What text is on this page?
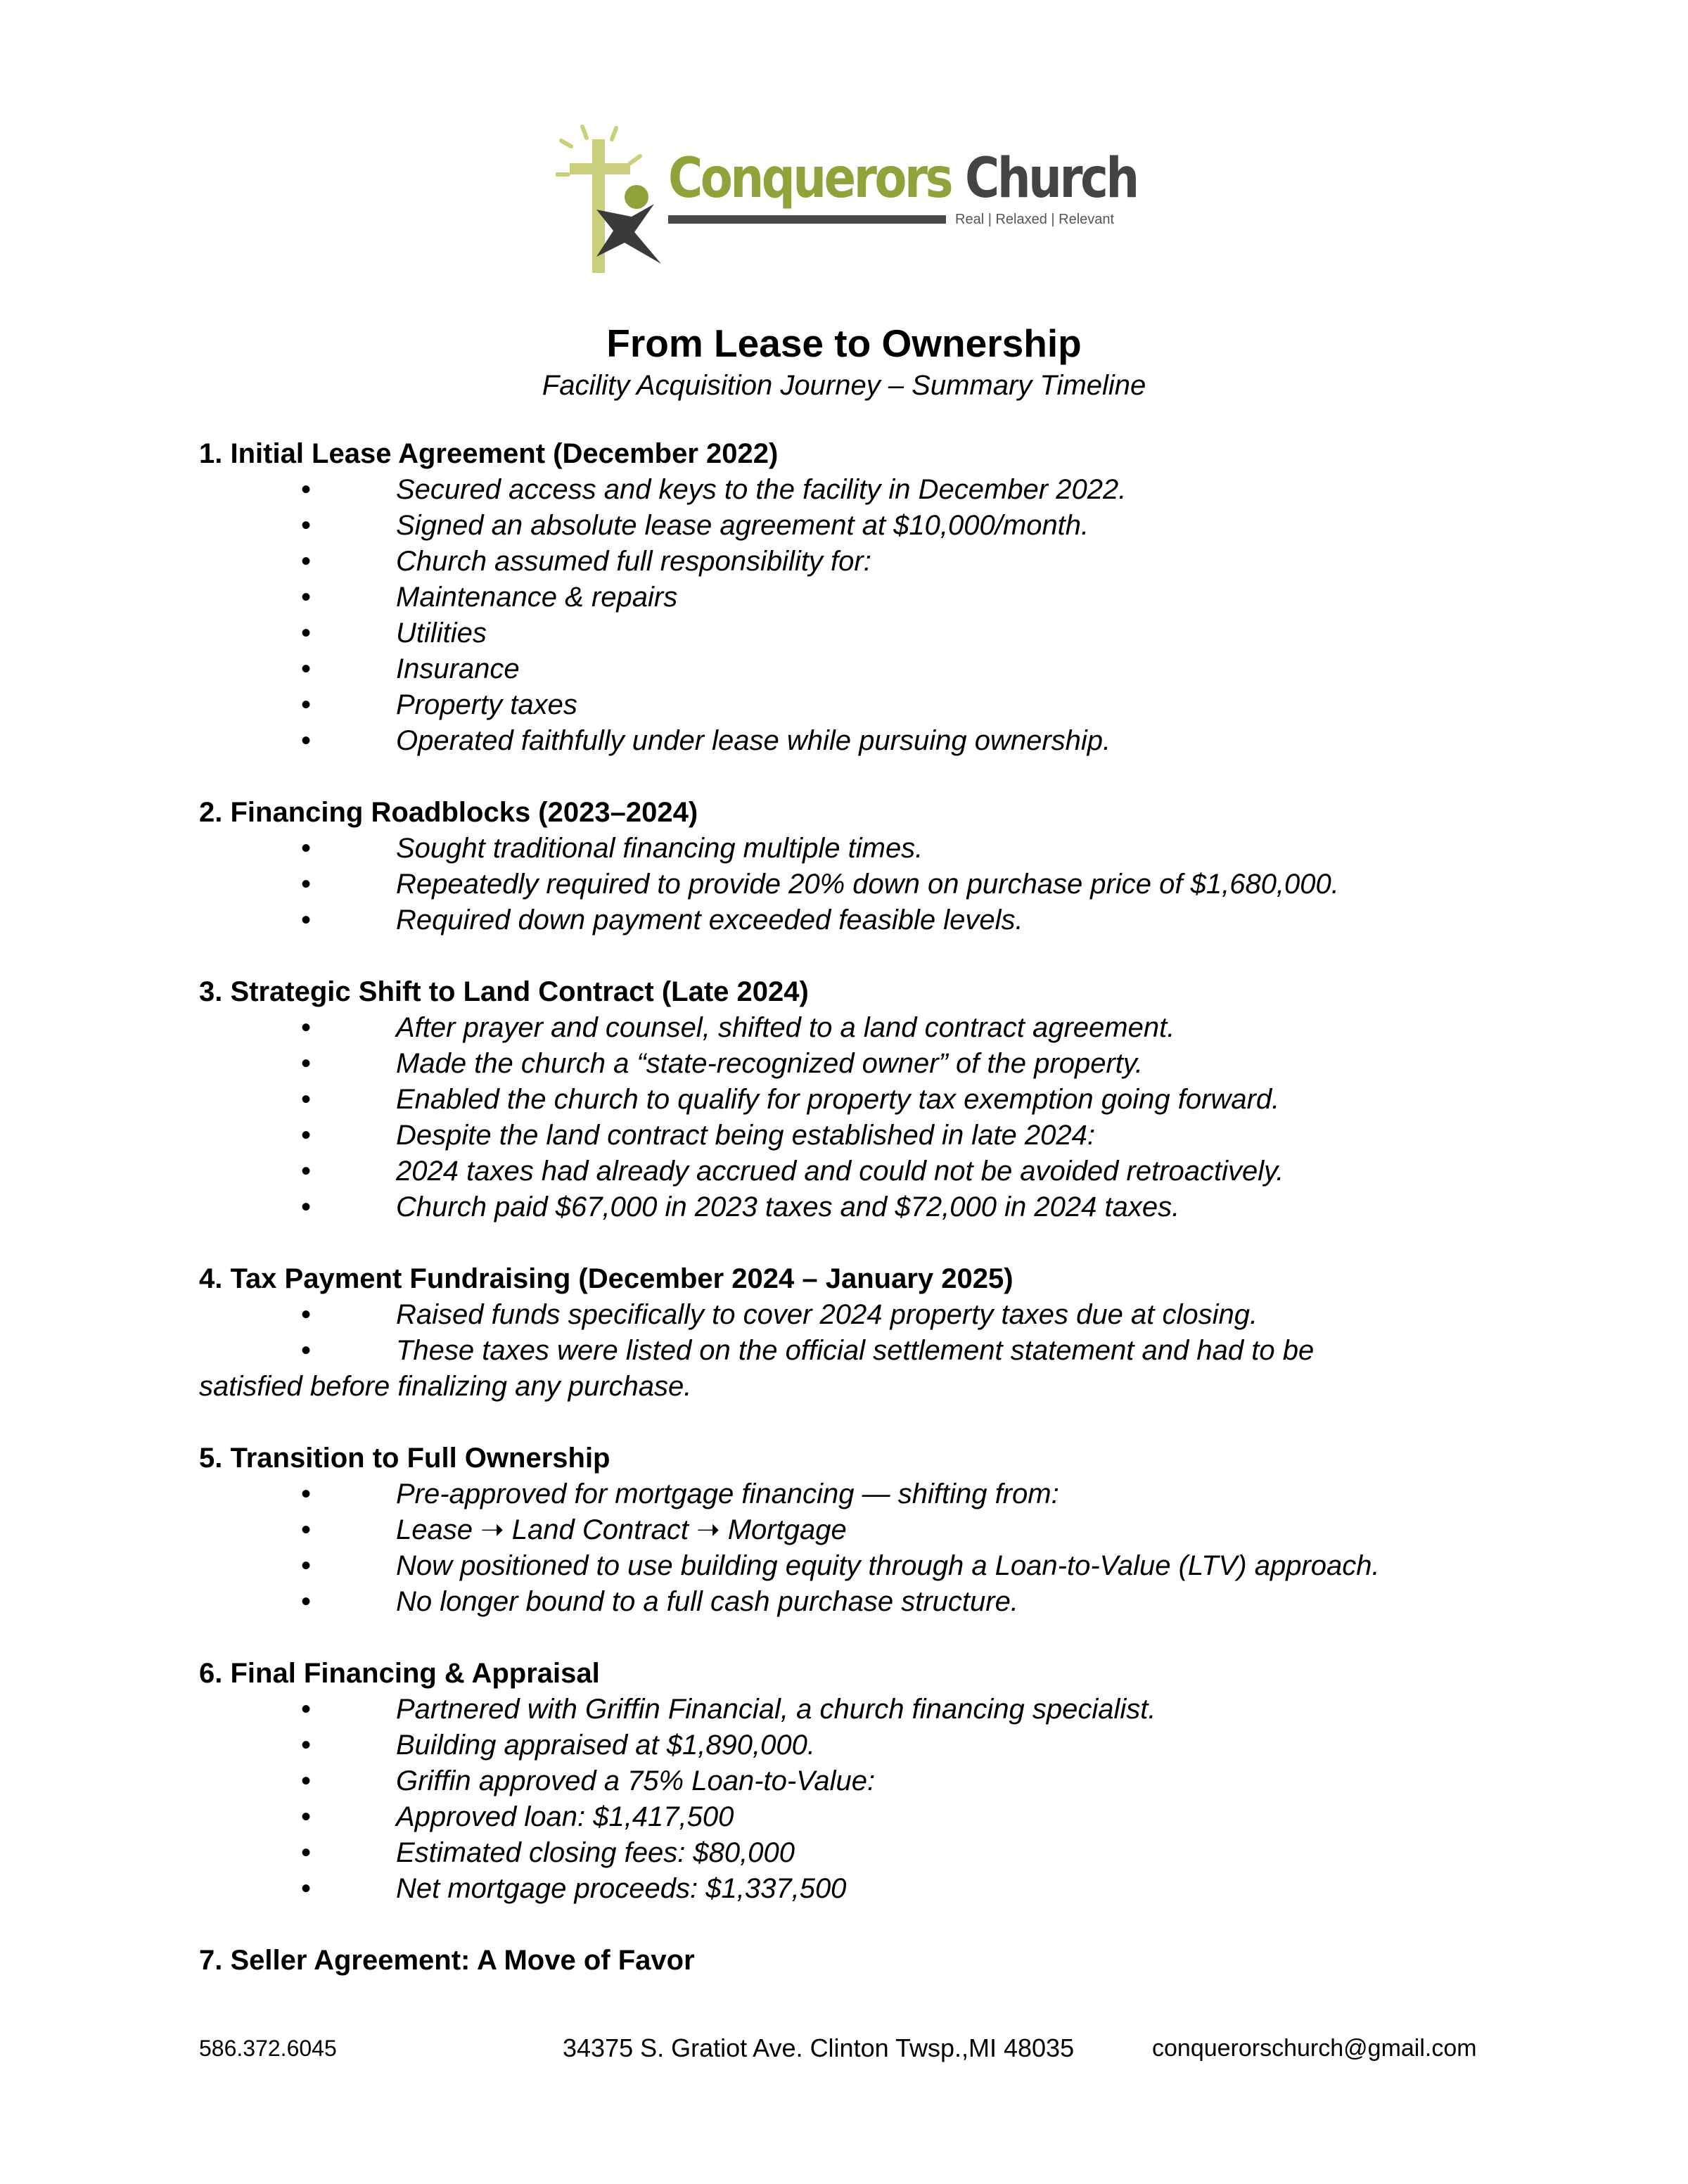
Conquerors Church
Real | Relaxed | Relevant
From Lease to Ownership
Facility Acquisition Journey – Summary Timeline
1. Initial Lease Agreement (December 2022)
•	Secured access and keys to the facility in December 2022.
•	Signed an absolute lease agreement at $10,000/month.
•	Church assumed full responsibility for:
•	Maintenance & repairs
•	Utilities
•	Insurance
•	Property taxes
•	Operated faithfully under lease while pursuing ownership.
2. Financing Roadblocks (2023–2024)
•	Sought traditional financing multiple times.
•	Repeatedly required to provide 20% down on purchase price of $1,680,000.
•	Required down payment exceeded feasible levels.
3. Strategic Shift to Land Contract (Late 2024)
•	After prayer and counsel, shifted to a land contract agreement.
•	Made the church a “state-recognized owner” of the property.
•	Enabled the church to qualify for property tax exemption going forward.
•	Despite the land contract being established in late 2024:
•	2024 taxes had already accrued and could not be avoided retroactively.
•	Church paid $67,000 in 2023 taxes and $72,000 in 2024 taxes.
4. Tax Payment Fundraising (December 2024 – January 2025)
•	Raised funds specifically to cover 2024 property taxes due at closing.
•	These taxes were listed on the official settlement statement and had to be
satisfied before finalizing any purchase.
5. Transition to Full Ownership
•	Pre-approved for mortgage financing — shifting from:
•	Lease ➝ Land Contract ➝ Mortgage
•	Now positioned to use building equity through a Loan-to-Value (LTV) approach.
•	No longer bound to a full cash purchase structure.
6. Final Financing & Appraisal
•	Partnered with Griffin Financial, a church financing specialist.
•	Building appraised at $1,890,000.
•	Griffin approved a 75% Loan-to-Value:
•	Approved loan: $1,417,500
•	Estimated closing fees: $80,000
•	Net mortgage proceeds: $1,337,500
7. Seller Agreement: A Move of Favor
586.372.6045	34375 S. Gratiot Ave. Clinton Twsp.,MI 48035	conquerorschurch@gmail.com
